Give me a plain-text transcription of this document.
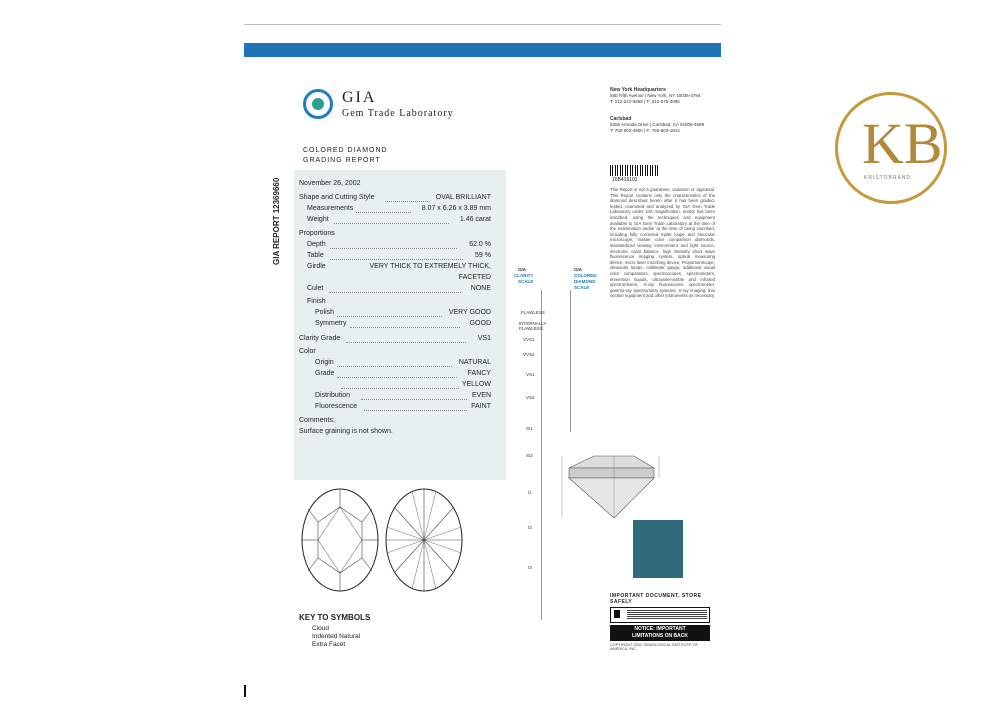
GIA
Gem Trade Laboratory
COLORED DIAMOND
GRADING REPORT
GIA REPORT 12369660	November 26, 2002
Shape and Cutting Style	OVAL BRILLIANT
Measurements	8.07 x 6.26 x 3.89 mm
Weight	1.46 carat
Proportions
Depth	62.0 %
Table	59 %
Girdle	VERY THICK TO EXTREMELY THICK,
FACETED
Culet	NONE
Finish
Polish	VERY GOOD
Symmetry	GOOD
Clarity Grade	VS1
Color
Origin	NATURAL
Grade	FANCY
YELLOW
Distribution	EVEN
Fluorescence	FAINT
Comments:
Surface graining is not shown.
KEY TO SYMBOLS
Cloud
Indented Natural
Extra Facet
GIA
CLARITY
SCALE
GIA
COLORED
DIAMOND
SCALE
FLAWLESS
INTERNALLY FLAWLESS
VVS1
VVS2
VS1
VS2
SI1
SI2
I1
I2
I3
New York Headquarters
580 Fifth Avenue | New York, NY 10036-4794
T: 212-221-5858 | F: 212-575-3095
Carlsbad
5355 Armada Drive | Carlsbad, CA 92008-4699
T: 760-603-4500 | F: 760-603-1814
16B416102
This Report is not a guarantee, valuation or appraisal. This Report contains only the characteristics of the diamond described herein after it has been graded, tested, examined and analyzed by GIA Gem Trade Laboratory under 10X magnification, and/or has been inscribed, using the techniques and equipment available to GIA Gem Trade Laboratory at the time of the examination and/or at the time of being inscribed, including fully corrected triplet loupe and binocular microscope, master color comparison diamonds, standardized viewing environment and light source, electronic carat balance, high intensity short wave fluorescence imaging system, optical measuring device, micro laser inscribing device, ProportionScope, ultraviolet lamps, millimeter gauge, additional visual color comparators, spectroscopes, spectrometers, immersion liquids, ultraviolet-visible and infrared spectrometers, X-ray fluorescence spectrometer, gamma-ray spectrometry systems, X-ray imaging, thin section equipment and other instruments as necessary.
IMPORTANT DOCUMENT, STORE SAFELY
NOTICE: IMPORTANT
LIMITATIONS ON BACK
COPYRIGHT 2002 GEMOLOGICAL INSTITUTE OF AMERICA, INC.
KB
KRISTOBRAND
